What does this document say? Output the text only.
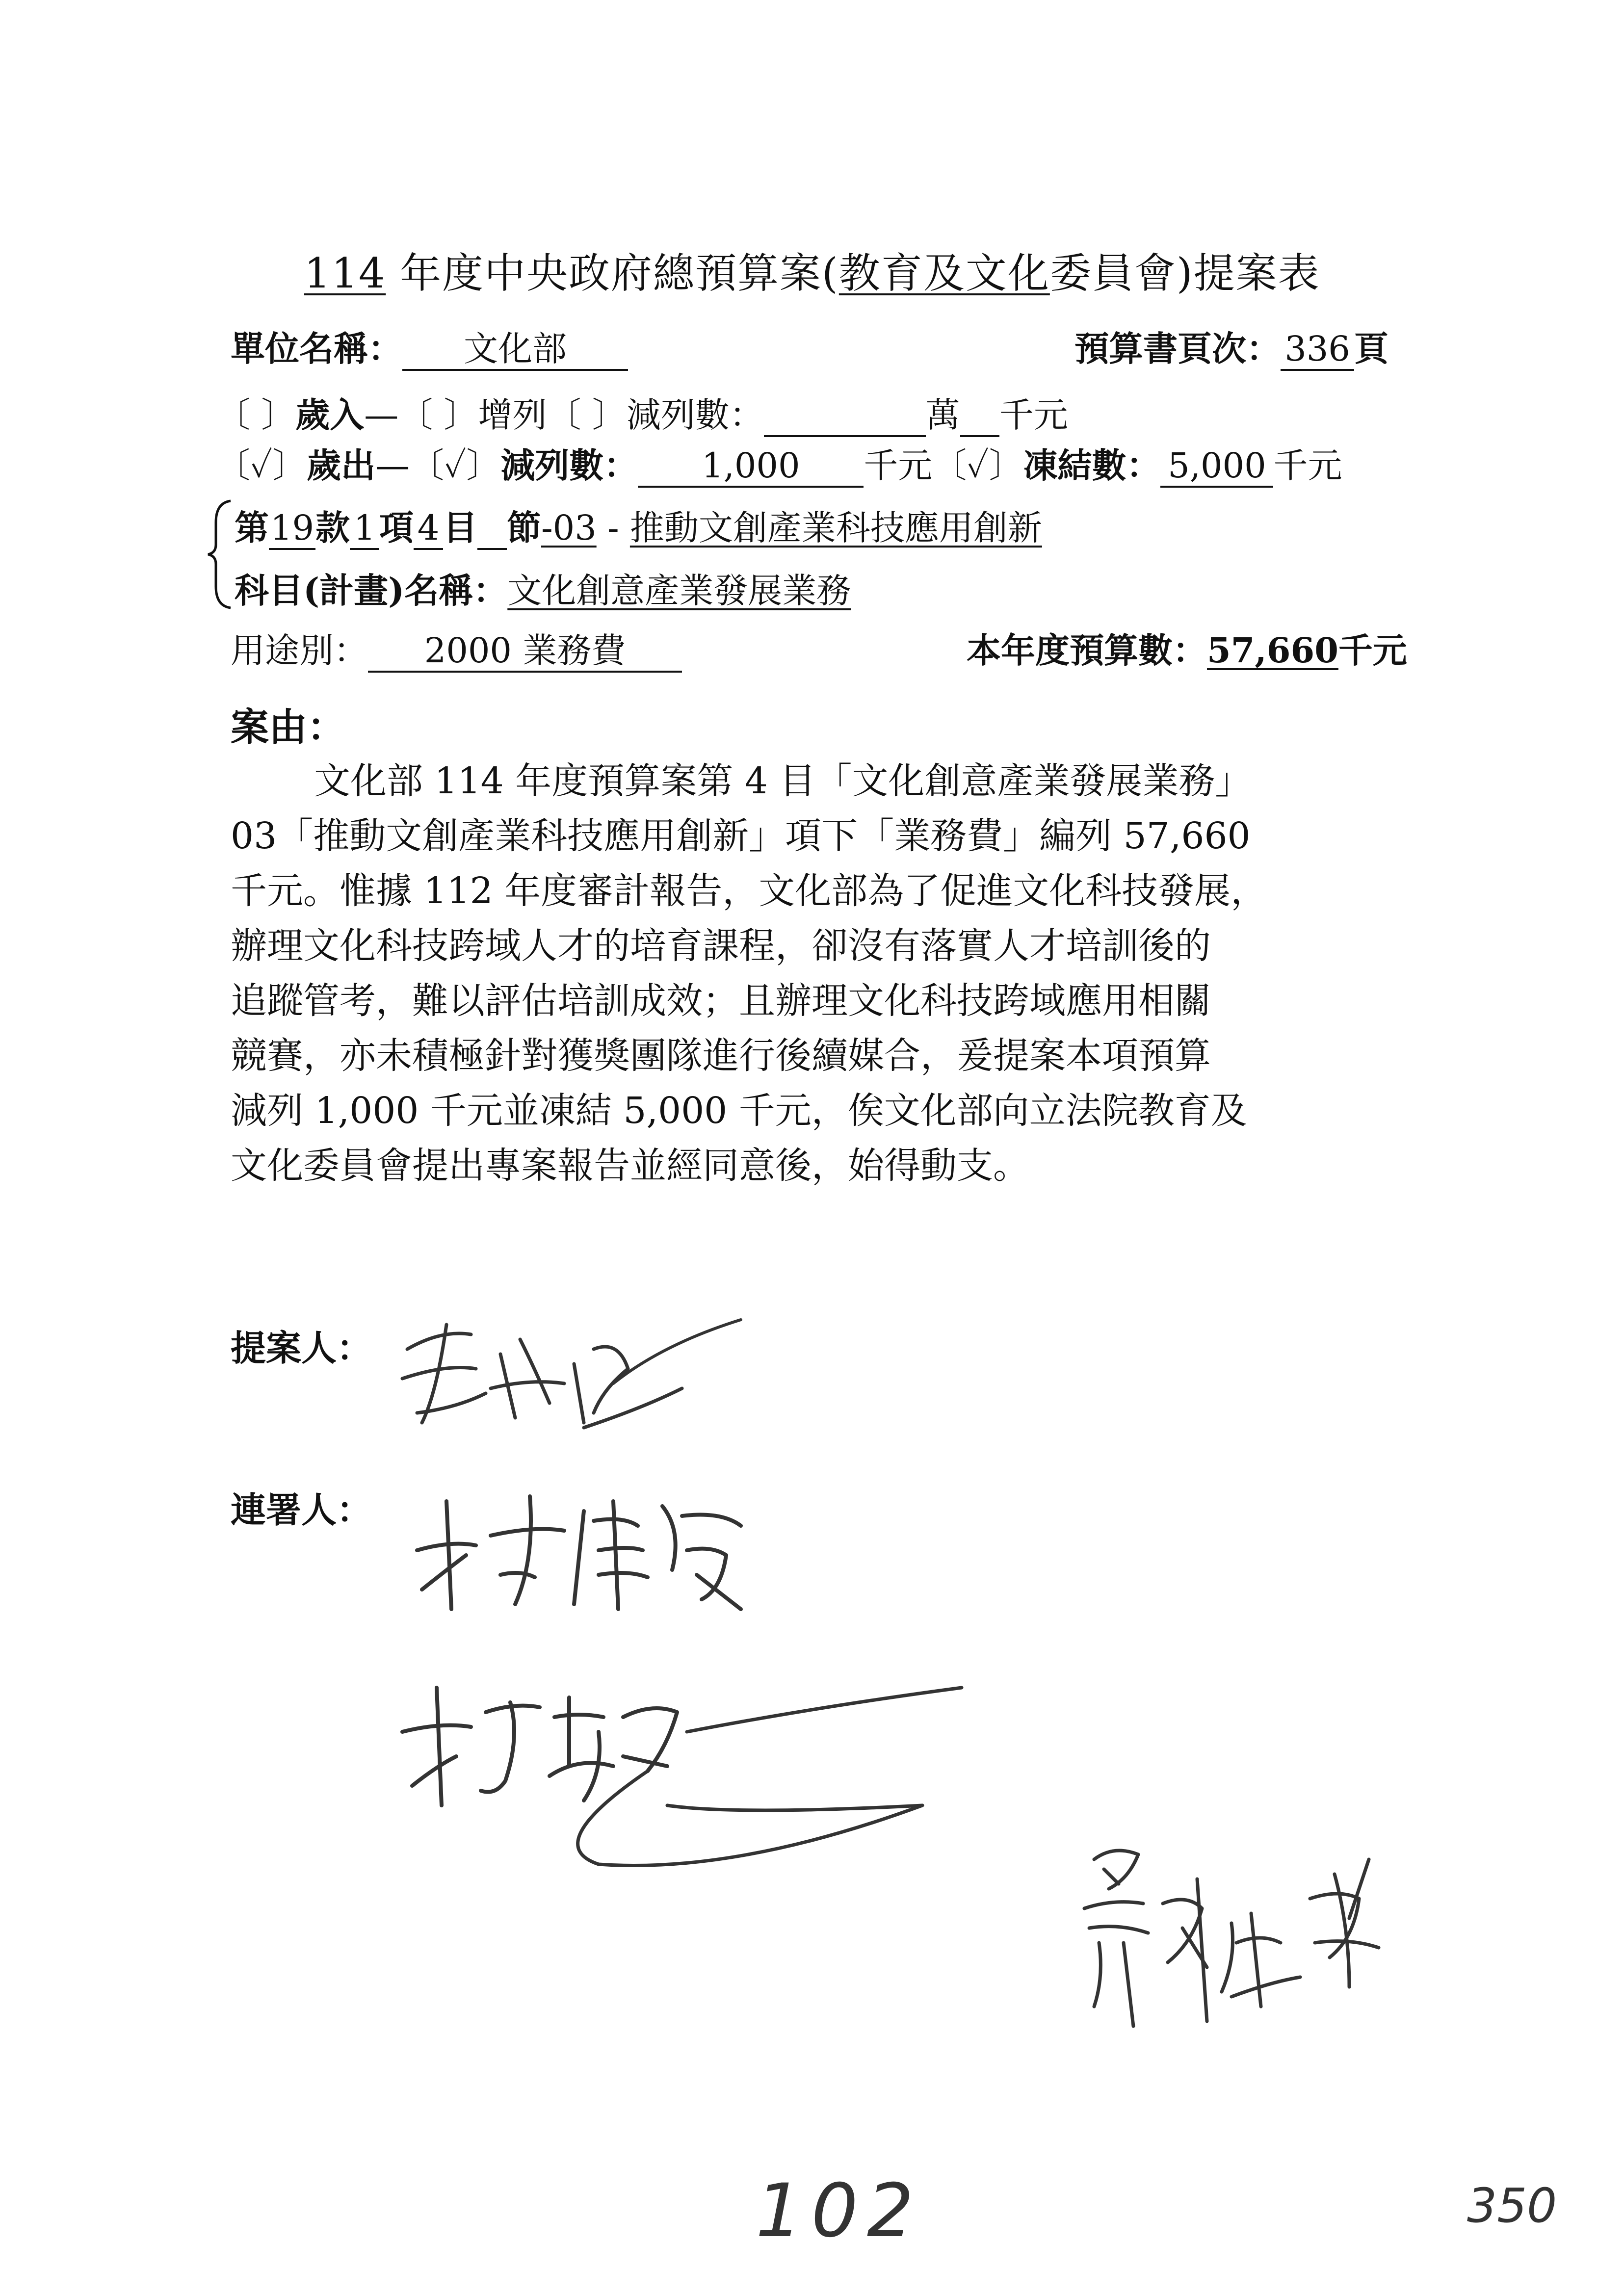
114 年度中央政府總預算案(教育及文化委員會)提案表
單位名稱： 文化部	預算書頁次： 336 頁
〔 〕歲入—〔 〕增列〔 〕減列數：	萬 千元
〔✓〕歲出—〔✓〕減列數： 1,000 千元〔✓〕凍結數： 5,000 千元
第19款 1 項 4 目 節-03 - 推動文創產業科技應用創新
科目(計畫)名稱：文化創意產業發展業務
用途別： 2000 業務費	本年度預算數：57,660千元
案由：
文化部 114 年度預算案第 4 目「文化創意產業發展業務」
03「推動文創產業科技應用創新」項下「業務費」編列 57,660
千元。惟據 112 年度審計報告，文化部為了促進文化科技發展，
辦理文化科技跨域人才的培育課程，卻沒有落實人才培訓後的
追蹤管考，難以評估培訓成效；且辦理文化科技跨域應用相關
競賽，亦未積極針對獲獎團隊進行後續媒合，爰提案本項預算
減列 1,000 千元並凍結 5,000 千元，俟文化部向立法院教育及
文化委員會提出專案報告並經同意後，始得動支。
提案人：
連署人：
102	350
